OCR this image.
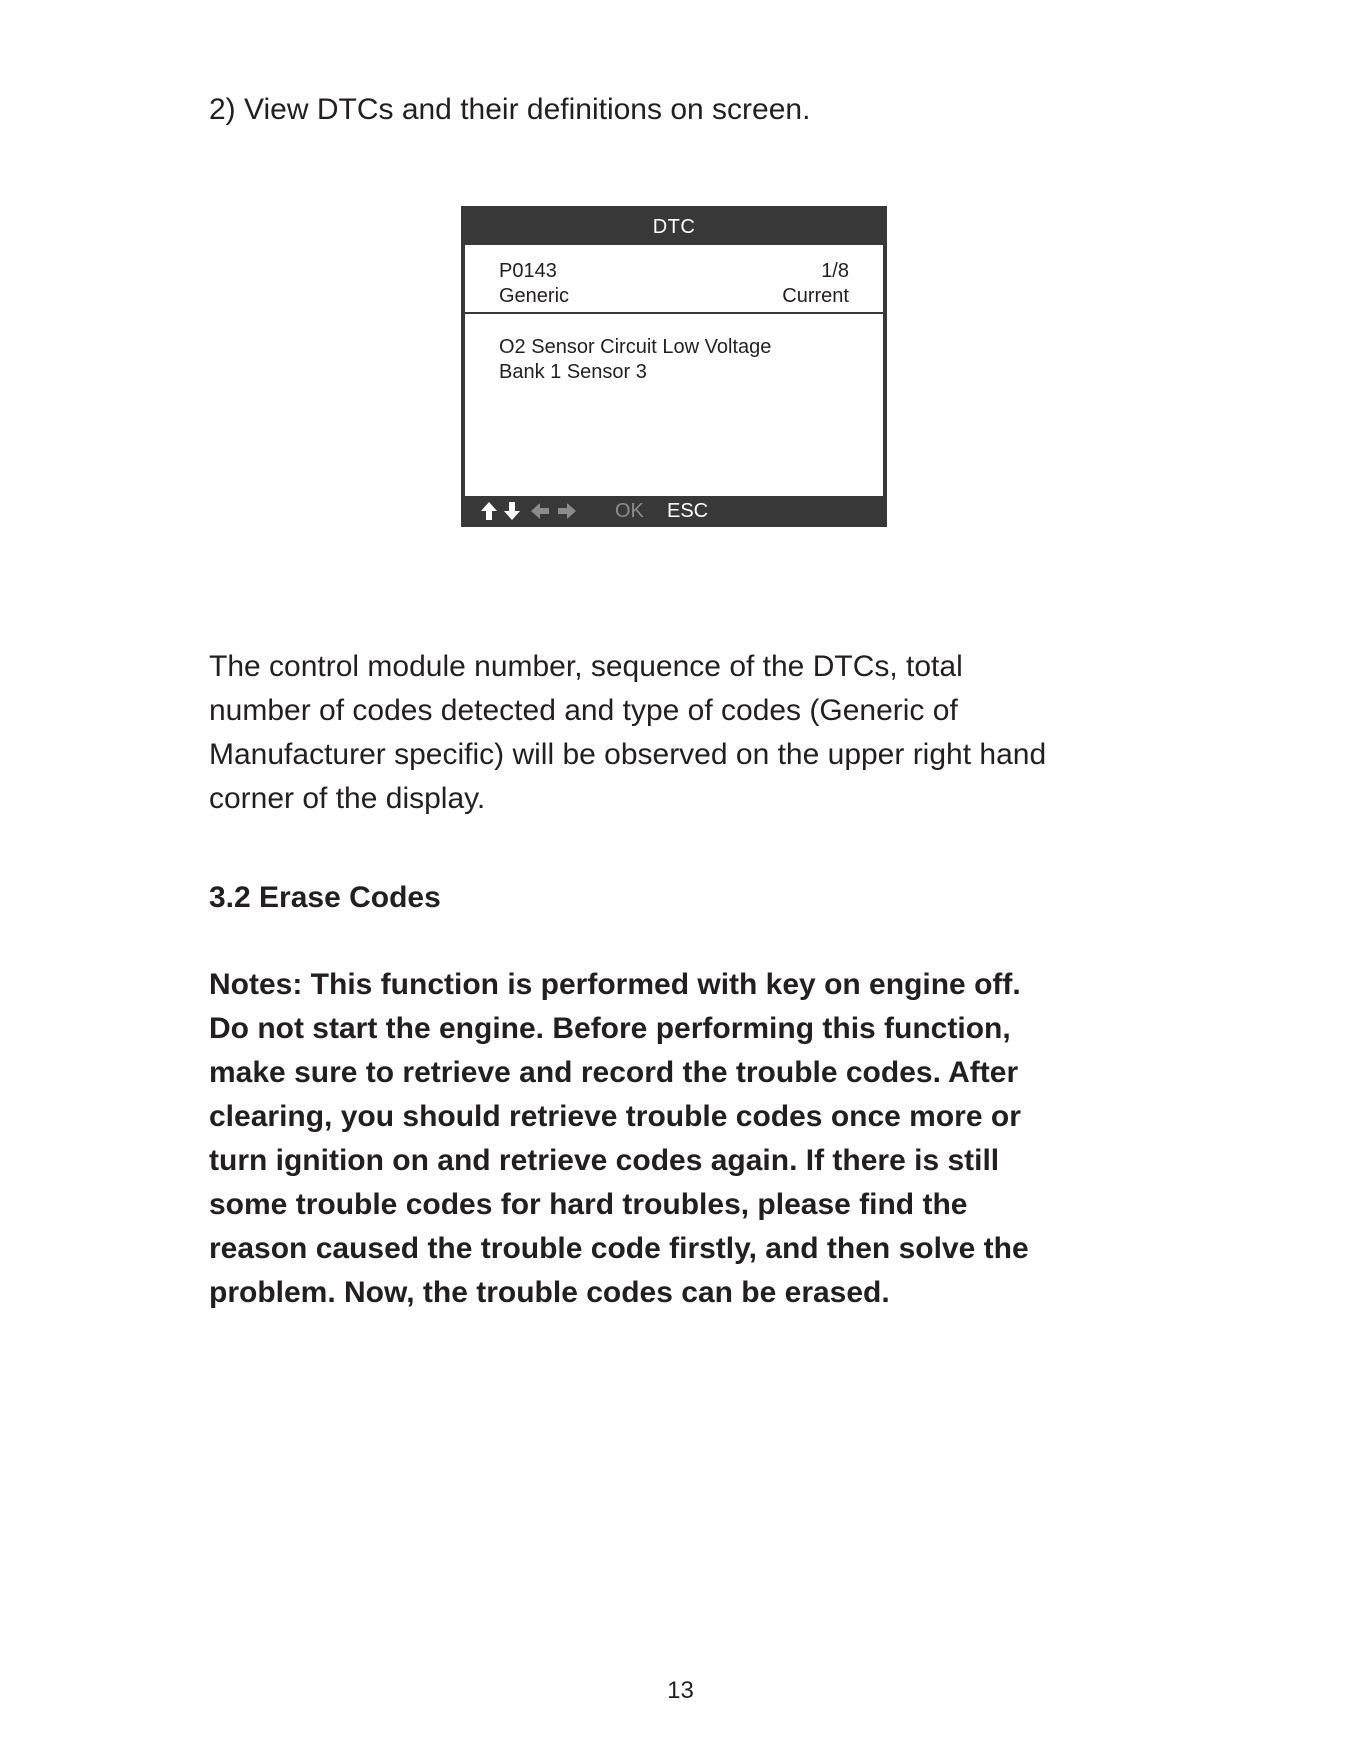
2) View DTCs and their definitions on screen.

DTC
P0143	1/8
Generic	Current
O2 Sensor Circuit Low Voltage
Bank 1 Sensor 3
OK ESC

The control module number, sequence of the DTCs, total
number of codes detected and type of codes (Generic of
Manufacturer specific) will be observed on the upper right hand
corner of the display.

3.2 Erase Codes

Notes: This function is performed with key on engine off.
Do not start the engine. Before performing this function,
make sure to retrieve and record the trouble codes. After
clearing, you should retrieve trouble codes once more or
turn ignition on and retrieve codes again. If there is still
some trouble codes for hard troubles, please find the
reason caused the trouble code firstly, and then solve the
problem. Now, the trouble codes can be erased.

13
